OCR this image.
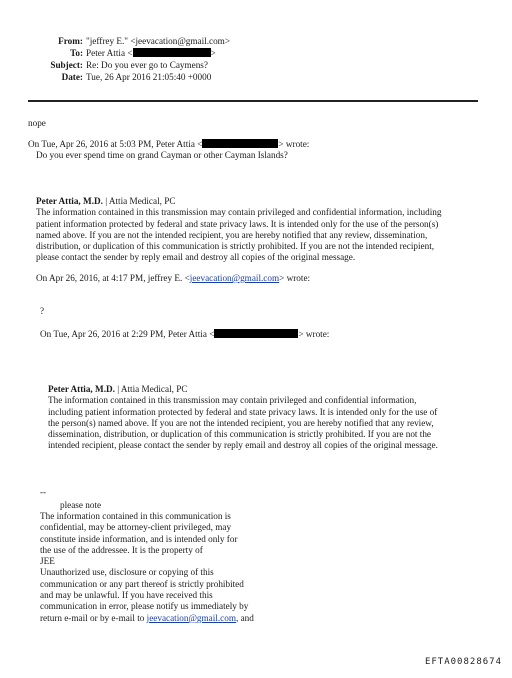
From: "jeffrey E." <jeevacation@gmail.com>
To: Peter Attia <	>
Subject: Re: Do you ever go to Caymens?
Date: Tue, 26 Apr 2016 21:05:40 +0000
nope
On Tue, Apr 26, 2016 at 5:03 PM, Peter Attia <	> wrote:
Do you ever spend time on grand Cayman or other Cayman Islands?
Peter Attia, M.D. | Attia Medical, PC
The information contained in this transmission may contain privileged and confidential information, including
patient information protected by federal and state privacy laws. It is intended only for the use of the person(s)
named above. If you are not the intended recipient, you are hereby notified that any review, dissemination,
distribution, or duplication of this communication is strictly prohibited. If you are not the intended recipient,
please contact the sender by reply email and destroy all copies of the original message.
On Apr 26, 2016, at 4:17 PM, jeffrey E. <jeevacation@gmail.com> wrote:
?
On Tue, Apr 26, 2016 at 2:29 PM, Peter Attia <	> wrote:
Peter Attia, M.D. | Attia Medical, PC
The information contained in this transmission may contain privileged and confidential information,
including patient information protected by federal and state privacy laws. It is intended only for the use of
the person(s) named above. If you are not the intended recipient, you are hereby notified that any review,
dissemination, distribution, or duplication of this communication is strictly prohibited. If you are not the
intended recipient, please contact the sender by reply email and destroy all copies of the original message.
--
please note
The information contained in this communication is
confidential, may be attorney-client privileged, may
constitute inside information, and is intended only for
the use of the addressee. It is the property of
JEE
Unauthorized use, disclosure or copying of this
communication or any part thereof is strictly prohibited
and may be unlawful. If you have received this
communication in error, please notify us immediately by
return e-mail or by e-mail to jeevacation@gmail.com, and
EFTA00828674
